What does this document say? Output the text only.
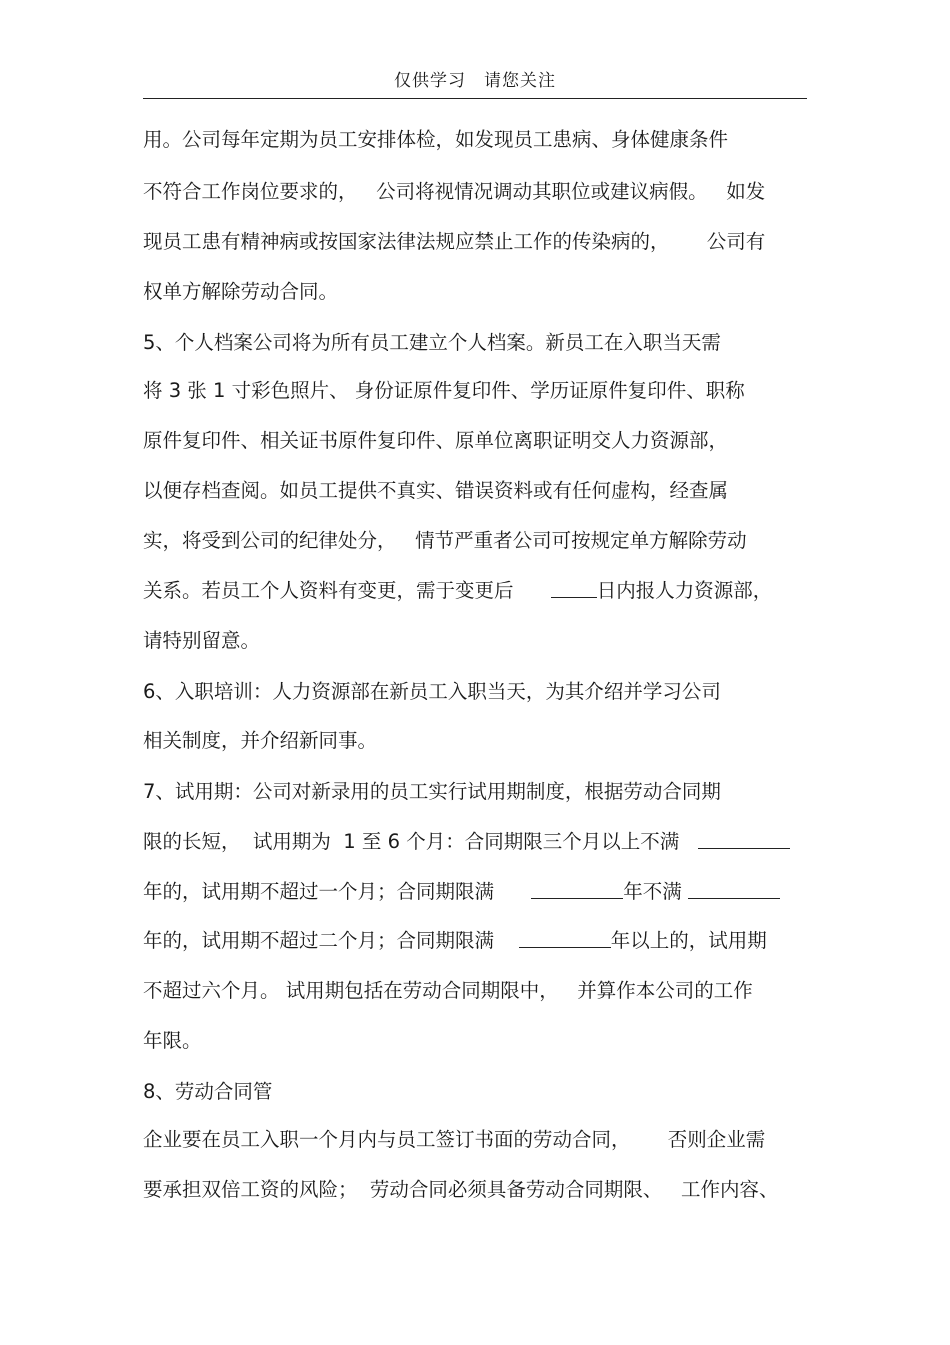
仅供学习 请您关注
用。公司每年定期为员工安排体检，如发现员工患病、身体健康条件
不符合工作岗位要求的，   公司将视情况调动其职位或建议病假。   如发
现员工患有精神病或按国家法律法规应禁止工作的传染病的，      公司有
权单方解除劳动合同。
5、个人档案公司将为所有员工建立个人档案。新员工在入职当天需
将 3 张 1 寸彩色照片、 身份证原件复印件、学历证原件复印件、职称
原件复印件、相关证书原件复印件、原单位离职证明交人力资源部，
以便存档查阅。如员工提供不真实、错误资料或有任何虚构，经查属
实，将受到公司的纪律处分，   情节严重者公司可按规定单方解除劳动
关系。若员工个人资料有变更，需于变更后      日内报人力资源部，
请特别留意。
6、入职培训：人力资源部在新员工入职当天，为其介绍并学习公司
相关制度，并介绍新同事。
7、试用期：公司对新录用的员工实行试用期制度，根据劳动合同期
限的长短，  试用期为  1 至 6 个月：合同期限三个月以上不满
年的，试用期不超过一个月；合同期限满	年不满
年的，试用期不超过二个月；合同期限满	年以上的，试用期
不超过六个月。 试用期包括在劳动合同期限中，   并算作本公司的工作
年限。
8、劳动合同管
企业要在员工入职一个月内与员工签订书面的劳动合同，      否则企业需
要承担双倍工资的风险；  劳动合同必须具备劳动合同期限、   工作内容、
